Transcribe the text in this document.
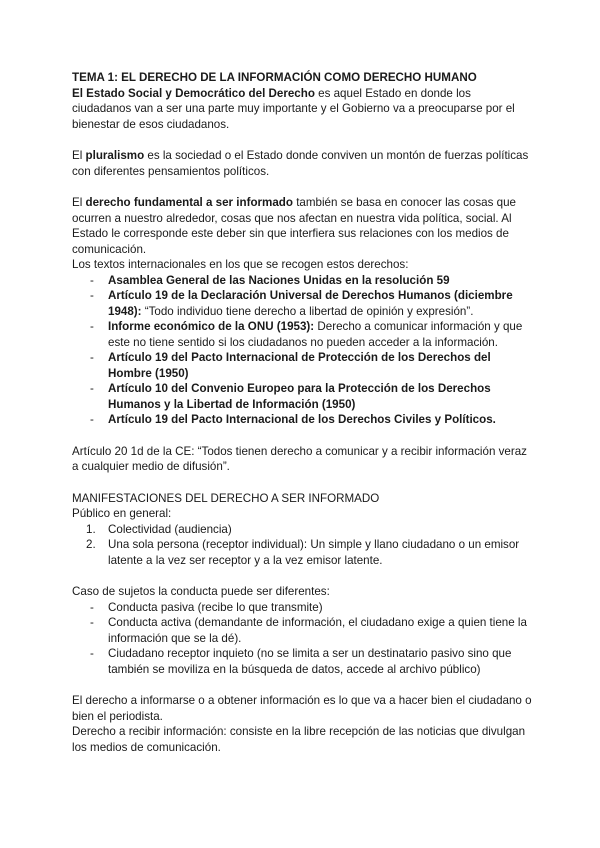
TEMA 1: EL DERECHO DE LA INFORMACIÓN COMO DERECHO HUMANO

El Estado Social y Democrático del Derecho es aquel Estado en donde los ciudadanos van a ser una parte muy importante y el Gobierno va a preocuparse por el bienestar de esos ciudadanos.

El pluralismo es la sociedad o el Estado donde conviven un montón de fuerzas políticas con diferentes pensamientos políticos.

El derecho fundamental a ser informado también se basa en conocer las cosas que ocurren a nuestro alrededor, cosas que nos afectan en nuestra vida política, social. Al Estado le corresponde este deber sin que interfiera sus relaciones con los medios de comunicación.

Los textos internacionales en los que se recogen estos derechos:

- Asamblea General de las Naciones Unidas en la resolución 59
- Artículo 19 de la Declaración Universal de Derechos Humanos (diciembre 1948): “Todo individuo tiene derecho a libertad de opinión y expresión”.
- Informe económico de la ONU (1953): Derecho a comunicar información y que este no tiene sentido si los ciudadanos no pueden acceder a la información.
- Artículo 19 del Pacto Internacional de Protección de los Derechos del Hombre (1950)
- Artículo 10 del Convenio Europeo para la Protección de los Derechos Humanos y la Libertad de Información (1950)
- Artículo 19 del Pacto Internacional de los Derechos Civiles y Políticos.

Artículo 20 1d de la CE: “Todos tienen derecho a comunicar y a recibir información veraz a cualquier medio de difusión”.

MANIFESTACIONES DEL DERECHO A SER INFORMADO

Público en general:

1. Colectividad (audiencia)
2. Una sola persona (receptor individual): Un simple y llano ciudadano o un emisor latente a la vez ser receptor y a la vez emisor latente.

Caso de sujetos la conducta puede ser diferentes:

- Conducta pasiva (recibe lo que transmite)
- Conducta activa (demandante de información, el ciudadano exige a quien tiene la información que se la dé).
- Ciudadano receptor inquieto (no se limita a ser un destinatario pasivo sino que también se moviliza en la búsqueda de datos, accede al archivo público)

El derecho a informarse o a obtener información es lo que va a hacer bien el ciudadano o bien el periodista.

Derecho a recibir información: consiste en la libre recepción de las noticias que divulgan los medios de comunicación.
